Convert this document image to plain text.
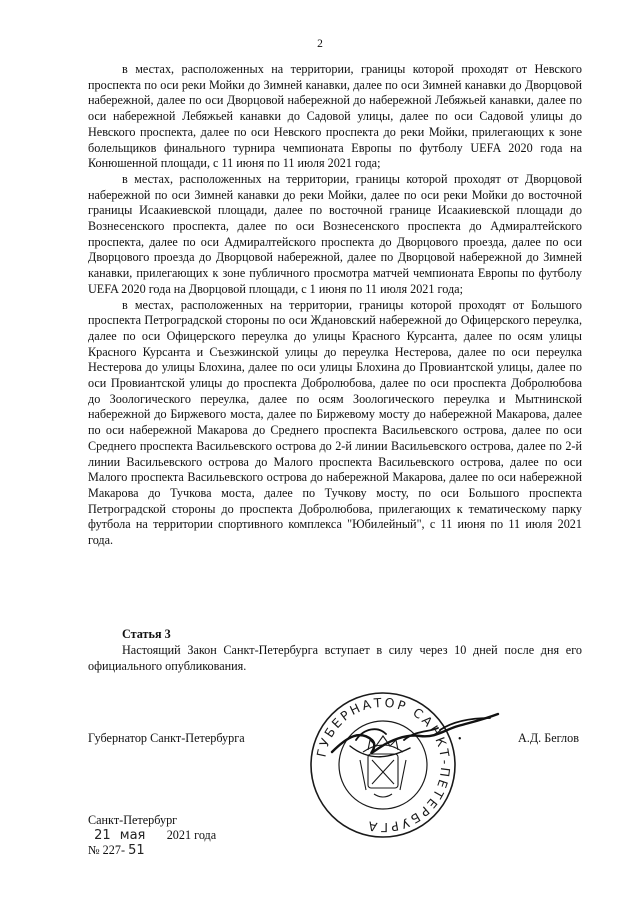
2

в местах, расположенных на территории, границы которой проходят от Невского проспекта по оси реки Мойки до Зимней канавки, далее по оси Зимней канавки до Дворцовой набережной, далее по оси Дворцовой набережной до набережной Лебяжьей канавки, далее по оси набережной Лебяжьей канавки до Садовой улицы, далее по оси Садовой улицы до Невского проспекта, далее по оси Невского проспекта до реки Мойки, прилегающих к зоне болельщиков финального турнира чемпионата Европы по футболу UEFA 2020 года на Конюшенной площади, с 11 июня по 11 июля 2021 года;

в местах, расположенных на территории, границы которой проходят от Дворцовой набережной по оси Зимней канавки до реки Мойки, далее по оси реки Мойки до восточной границы Исаакиевской площади, далее по восточной границе Исаакиевской площади до Вознесенского проспекта, далее по оси Вознесенского проспекта до Адмиралтейского проспекта, далее по оси Адмиралтейского проспекта до Дворцового проезда, далее по оси Дворцового проезда до Дворцовой набережной, далее по Дворцовой набережной до Зимней канавки, прилегающих к зоне публичного просмотра матчей чемпионата Европы по футболу UEFA 2020 года на Дворцовой площади, с 1 июня по 11 июля 2021 года;

в местах, расположенных на территории, границы которой проходят от Большого проспекта Петроградской стороны по оси Ждановский набережной до Офицерского переулка, далее по оси Офицерского переулка до улицы Красного Курсанта, далее по осям улицы Красного Курсанта и Съезжинской улицы до переулка Нестерова, далее по оси переулка Нестерова до улицы Блохина, далее по оси улицы Блохина до Провиантской улицы, далее по оси Провиантской улицы до проспекта Добролюбова, далее по оси проспекта Добролюбова до Зоологического переулка, далее по осям Зоологического переулка и Мытнинской набережной до Биржевого моста, далее по Биржевому мосту до набережной Макарова, далее по оси набережной Макарова до Среднего проспекта Васильевского острова, далее по оси Среднего проспекта Васильевского острова до 2-й линии Васильевского острова, далее по 2-й линии Васильевского острова до Малого проспекта Васильевского острова, далее по оси Малого проспекта Васильевского острова до набережной Макарова, далее по оси набережной Макарова до Тучкова моста, далее по Тучкову мосту, по оси Большого проспекта Петроградской стороны до проспекта Добролюбова, прилегающих к тематическому парку футбола на территории спортивного комплекса "Юбилейный", с 11 июня по 11 июля 2021 года.

Статья 3

Настоящий Закон Санкт-Петербурга вступает в силу через 10 дней после дня его официального опубликования.

ГУБЕРНАТОР САНКТ-ПЕТЕРБУРГА
Губернатор Санкт-Петербурга	•	А.Д. Беглов
Санкт-Петербург
21 мая 2021 года
№ 227- 51
